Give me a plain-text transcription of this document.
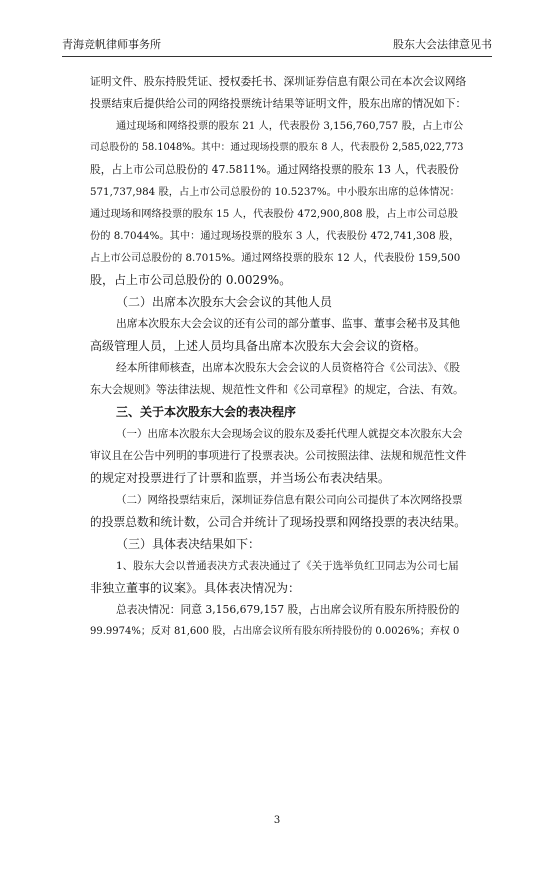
青海竞帆律师事务所	股东大会法律意见书
证明文件、股东持股凭证、授权委托书、深圳证券信息有限公司在本次会议网络
投票结束后提供给公司的网络投票统计结果等证明文件，股东出席的情况如下：
通过现场和网络投票的股东 21 人，代表股份 3,156,760,757 股，占上市公
司总股份的 58.1048%。其中：通过现场投票的股东 8 人，代表股份 2,585,022,773
股，占上市公司总股份的 47.5811%。通过网络投票的股东 13 人，代表股份
571,737,984 股，占上市公司总股份的 10.5237%。中小股东出席的总体情况：
通过现场和网络投票的股东 15 人，代表股份 472,900,808 股，占上市公司总股
份的 8.7044%。其中：通过现场投票的股东 3 人，代表股份 472,741,308 股，
占上市公司总股份的 8.7015%。通过网络投票的股东 12 人，代表股份 159,500
股，占上市公司总股份的 0.0029%。
（二）出席本次股东大会会议的其他人员
出席本次股东大会会议的还有公司的部分董事、监事、董事会秘书及其他
高级管理人员，上述人员均具备出席本次股东大会会议的资格。
经本所律师核查，出席本次股东大会会议的人员资格符合《公司法》、《股
东大会规则》等法律法规、规范性文件和《公司章程》的规定，合法、有效。
三、关于本次股东大会的表决程序
（一）出席本次股东大会现场会议的股东及委托代理人就提交本次股东大会
审议且在公告中列明的事项进行了投票表决。公司按照法律、法规和规范性文件
的规定对投票进行了计票和监票，并当场公布表决结果。
（二）网络投票结束后，深圳证券信息有限公司向公司提供了本次网络投票
的投票总数和统计数，公司合并统计了现场投票和网络投票的表决结果。
（三）具体表决结果如下：
1、股东大会以普通表决方式表决通过了《关于选举负红卫同志为公司七届
非独立董事的议案》。具体表决情况为：
总表决情况：同意 3,156,679,157 股，占出席会议所有股东所持股份的
99.9974%；反对 81,600 股，占出席会议所有股东所持股份的 0.0026%；弃权 0
3
